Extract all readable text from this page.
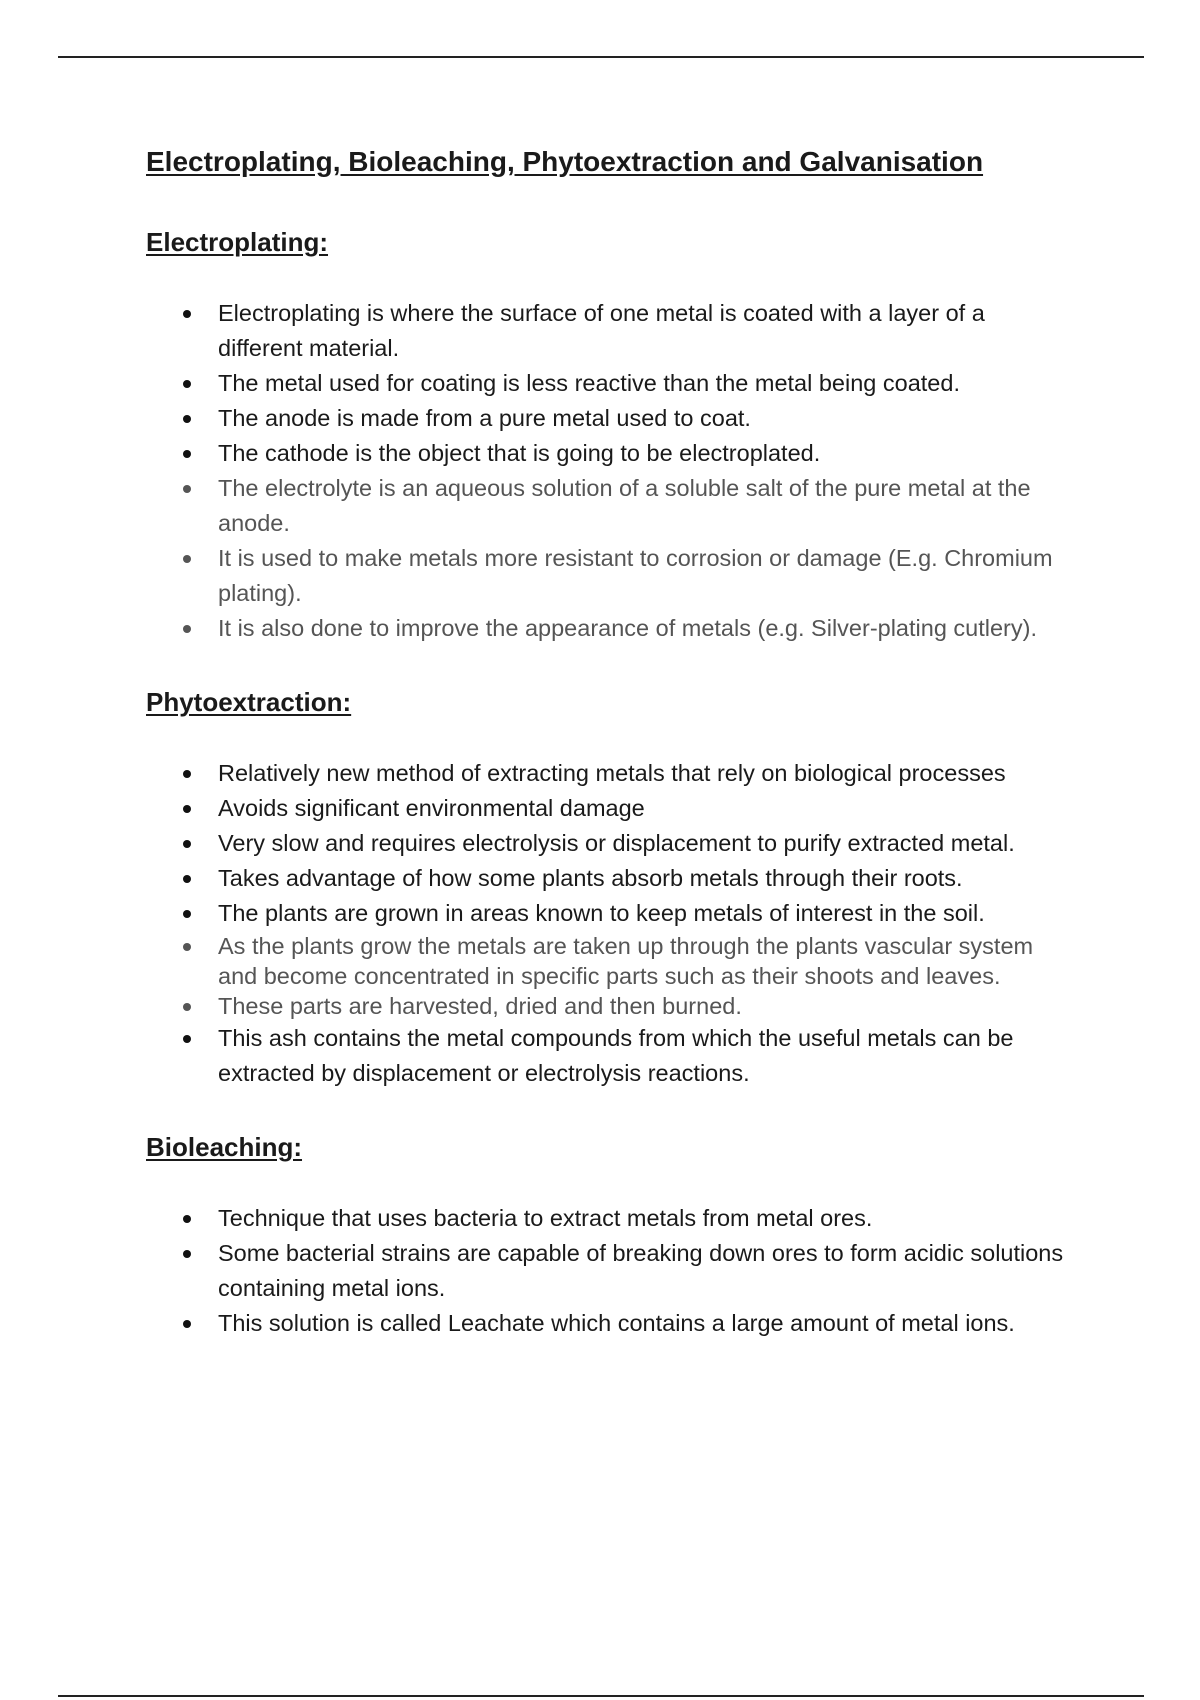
Electroplating, Bioleaching, Phytoextraction and Galvanisation
Electroplating:
Electroplating is where the surface of one metal is coated with a layer of a different material.
The metal used for coating is less reactive than the metal being coated.
The anode is made from a pure metal used to coat.
The cathode is the object that is going to be electroplated.
The electrolyte is an aqueous solution of a soluble salt of the pure metal at the anode.
It is used to make metals more resistant to corrosion or damage (E.g. Chromium plating).
It is also done to improve the appearance of metals (e.g. Silver-plating cutlery).
Phytoextraction:
Relatively new method of extracting metals that rely on biological processes
Avoids significant environmental damage
Very slow and requires electrolysis or displacement to purify extracted metal.
Takes advantage of how some plants absorb metals through their roots.
The plants are grown in areas known to keep metals of interest in the soil.
As the plants grow the metals are taken up through the plants vascular system and become concentrated in specific parts such as their shoots and leaves.
These parts are harvested, dried and then burned.
This ash contains the metal compounds from which the useful metals can be extracted by displacement or electrolysis reactions.
Bioleaching:
Technique that uses bacteria to extract metals from metal ores.
Some bacterial strains are capable of breaking down ores to form acidic solutions containing metal ions.
This solution is called Leachate which contains a large amount of metal ions.
